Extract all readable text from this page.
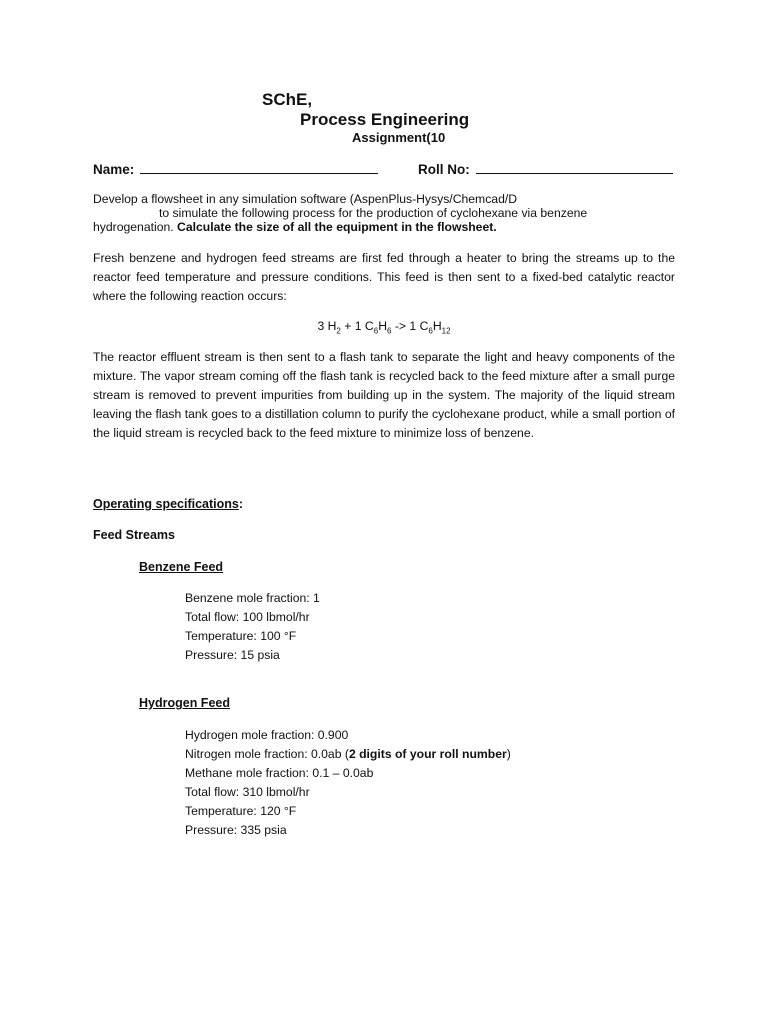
SChE,
Process Engineering
Assignment(10
Name:	Roll No:
Develop a flowsheet in any simulation software (AspenPlus-Hysys/Chemcad/D
to simulate the following process for the production of cyclohexane via benzene
hydrogenation. Calculate the size of all the equipment in the flowsheet.
Fresh benzene and hydrogen feed streams are first fed through a heater to bring the streams up to the reactor feed temperature and pressure conditions. This feed is then sent to a fixed-bed catalytic reactor where the following reaction occurs:
3 $H_2 + 1$ $C_6H_6 -> 1$ $C_6H_{12}$
The reactor effluent stream is then sent to a flash tank to separate the light and heavy components of the mixture. The vapor stream coming off the flash tank is recycled back to the feed mixture after a small purge stream is removed to prevent impurities from building up in the system. The majority of the liquid stream leaving the flash tank goes to a distillation column to purify the cyclohexane product, while a small portion of the liquid stream is recycled back to the feed mixture to minimize loss of benzene.
Operating specifications:
Feed Streams
Benzene Feed
Benzene mole fraction: 1
Total flow: 100 lbmol/hr
Temperature: 100 °F
Pressure: 15 psia
Hydrogen Feed
Hydrogen mole fraction: 0.900
Nitrogen mole fraction: 0.0ab (2 digits of your roll number)
Methane mole fraction: 0.1 – 0.0ab
Total flow: 310 lbmol/hr
Temperature: 120 °F
Pressure: 335 psia
